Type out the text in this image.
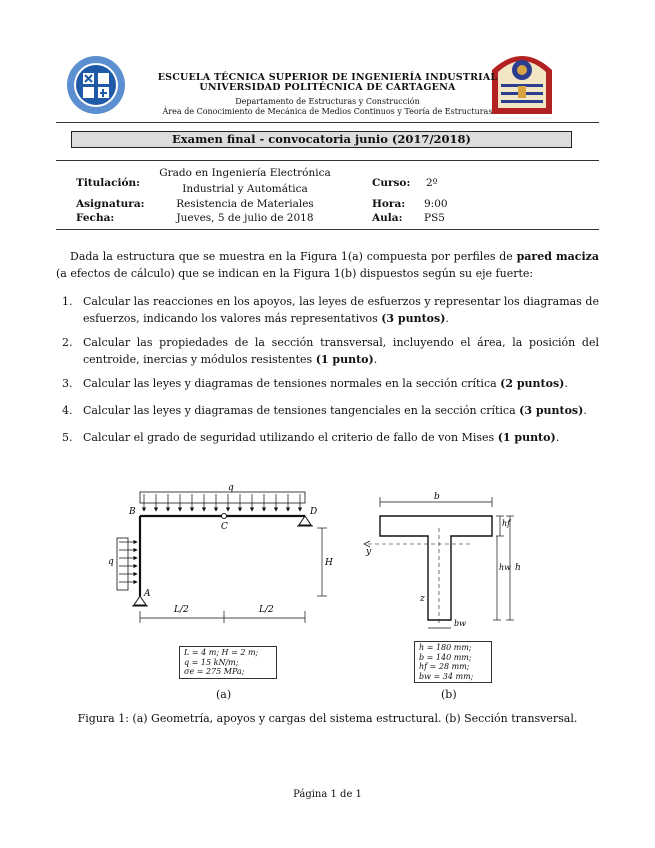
ESCUELA TÉCNICA SUPERIOR DE INGENIERÍA INDUSTRIAL
UNIVERSIDAD POLITÉCNICA DE CARTAGENA
Departamento de Estructuras y Construcción
Área de Conocimiento de Mecánica de Medios Continuos y Teoría de Estructuras
Examen final - convocatoria junio (2017/2018)
Titulación:
Grado en Ingeniería Electrónica
Industrial y Automática	Curso: 2º
Asignatura:	Resistencia de Materiales	Hora: 9:00
Fecha:	Jueves, 5 de julio de 2018	Aula: PS5
Dada la estructura que se muestra en la Figura 1(a) compuesta por perfiles de pared maciza (a efectos de cálculo) que se indican en la Figura 1(b) dispuestos según su eje fuerte:
1. Calcular las reacciones en los apoyos, las leyes de esfuerzos y representar los diagramas de esfuerzos, indicando los valores más representativos (3 puntos).
2. Calcular las propiedades de la sección transversal, incluyendo el área, la posición del centroide, inercias y módulos resistentes (1 punto).
3. Calcular las leyes y diagramas de tensiones normales en la sección crítica (2 puntos).
4. Calcular las leyes y diagramas de tensiones tangenciales en la sección crítica (3 puntos).
5. Calcular el grado de seguridad utilizando el criterio de fallo de von Mises (1 punto).
q
q
B
C
D
A
H
L/2	L/2
L = 4 m; H = 2 m;
q = 15 kN/m;
σe = 275 MPa;
(a)
b
hf
hw h
y
z
bw
h = 180 mm;
b = 140 mm;
hf = 28 mm;
bw = 34 mm;
(b)
Figura 1: (a) Geometría, apoyos y cargas del sistema estructural. (b) Sección transversal.
Página 1 de 1
